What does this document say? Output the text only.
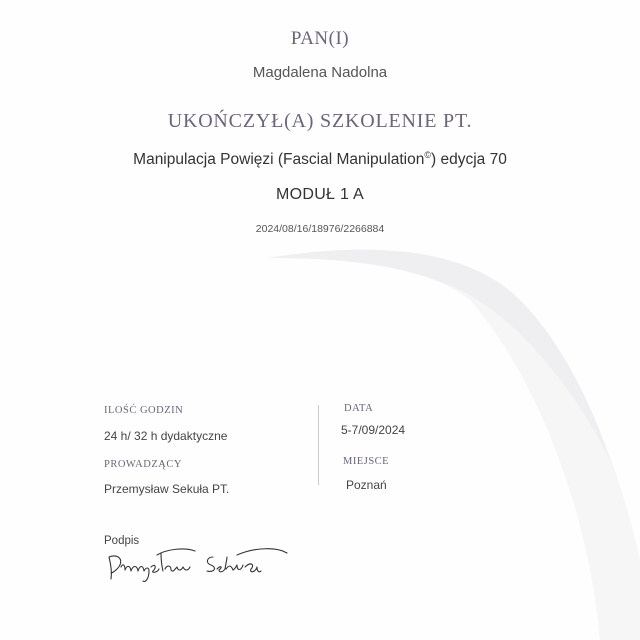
PAN(I)
Magdalena Nadolna
UKOŃCZYŁ(A) SZKOLENIE PT.
Manipulacja Powięzi (Fascial Manipulation©) edycja 70
MODUŁ 1 A
2024/08/16/18976/2266884
ILOŚĆ GODZIN
24 h/ 32 h dydaktyczne
PROWADZĄCY
Przemysław Sekuła PT.
DATA
5-7/09/2024
MIEJSCE
Poznań
Podpis
